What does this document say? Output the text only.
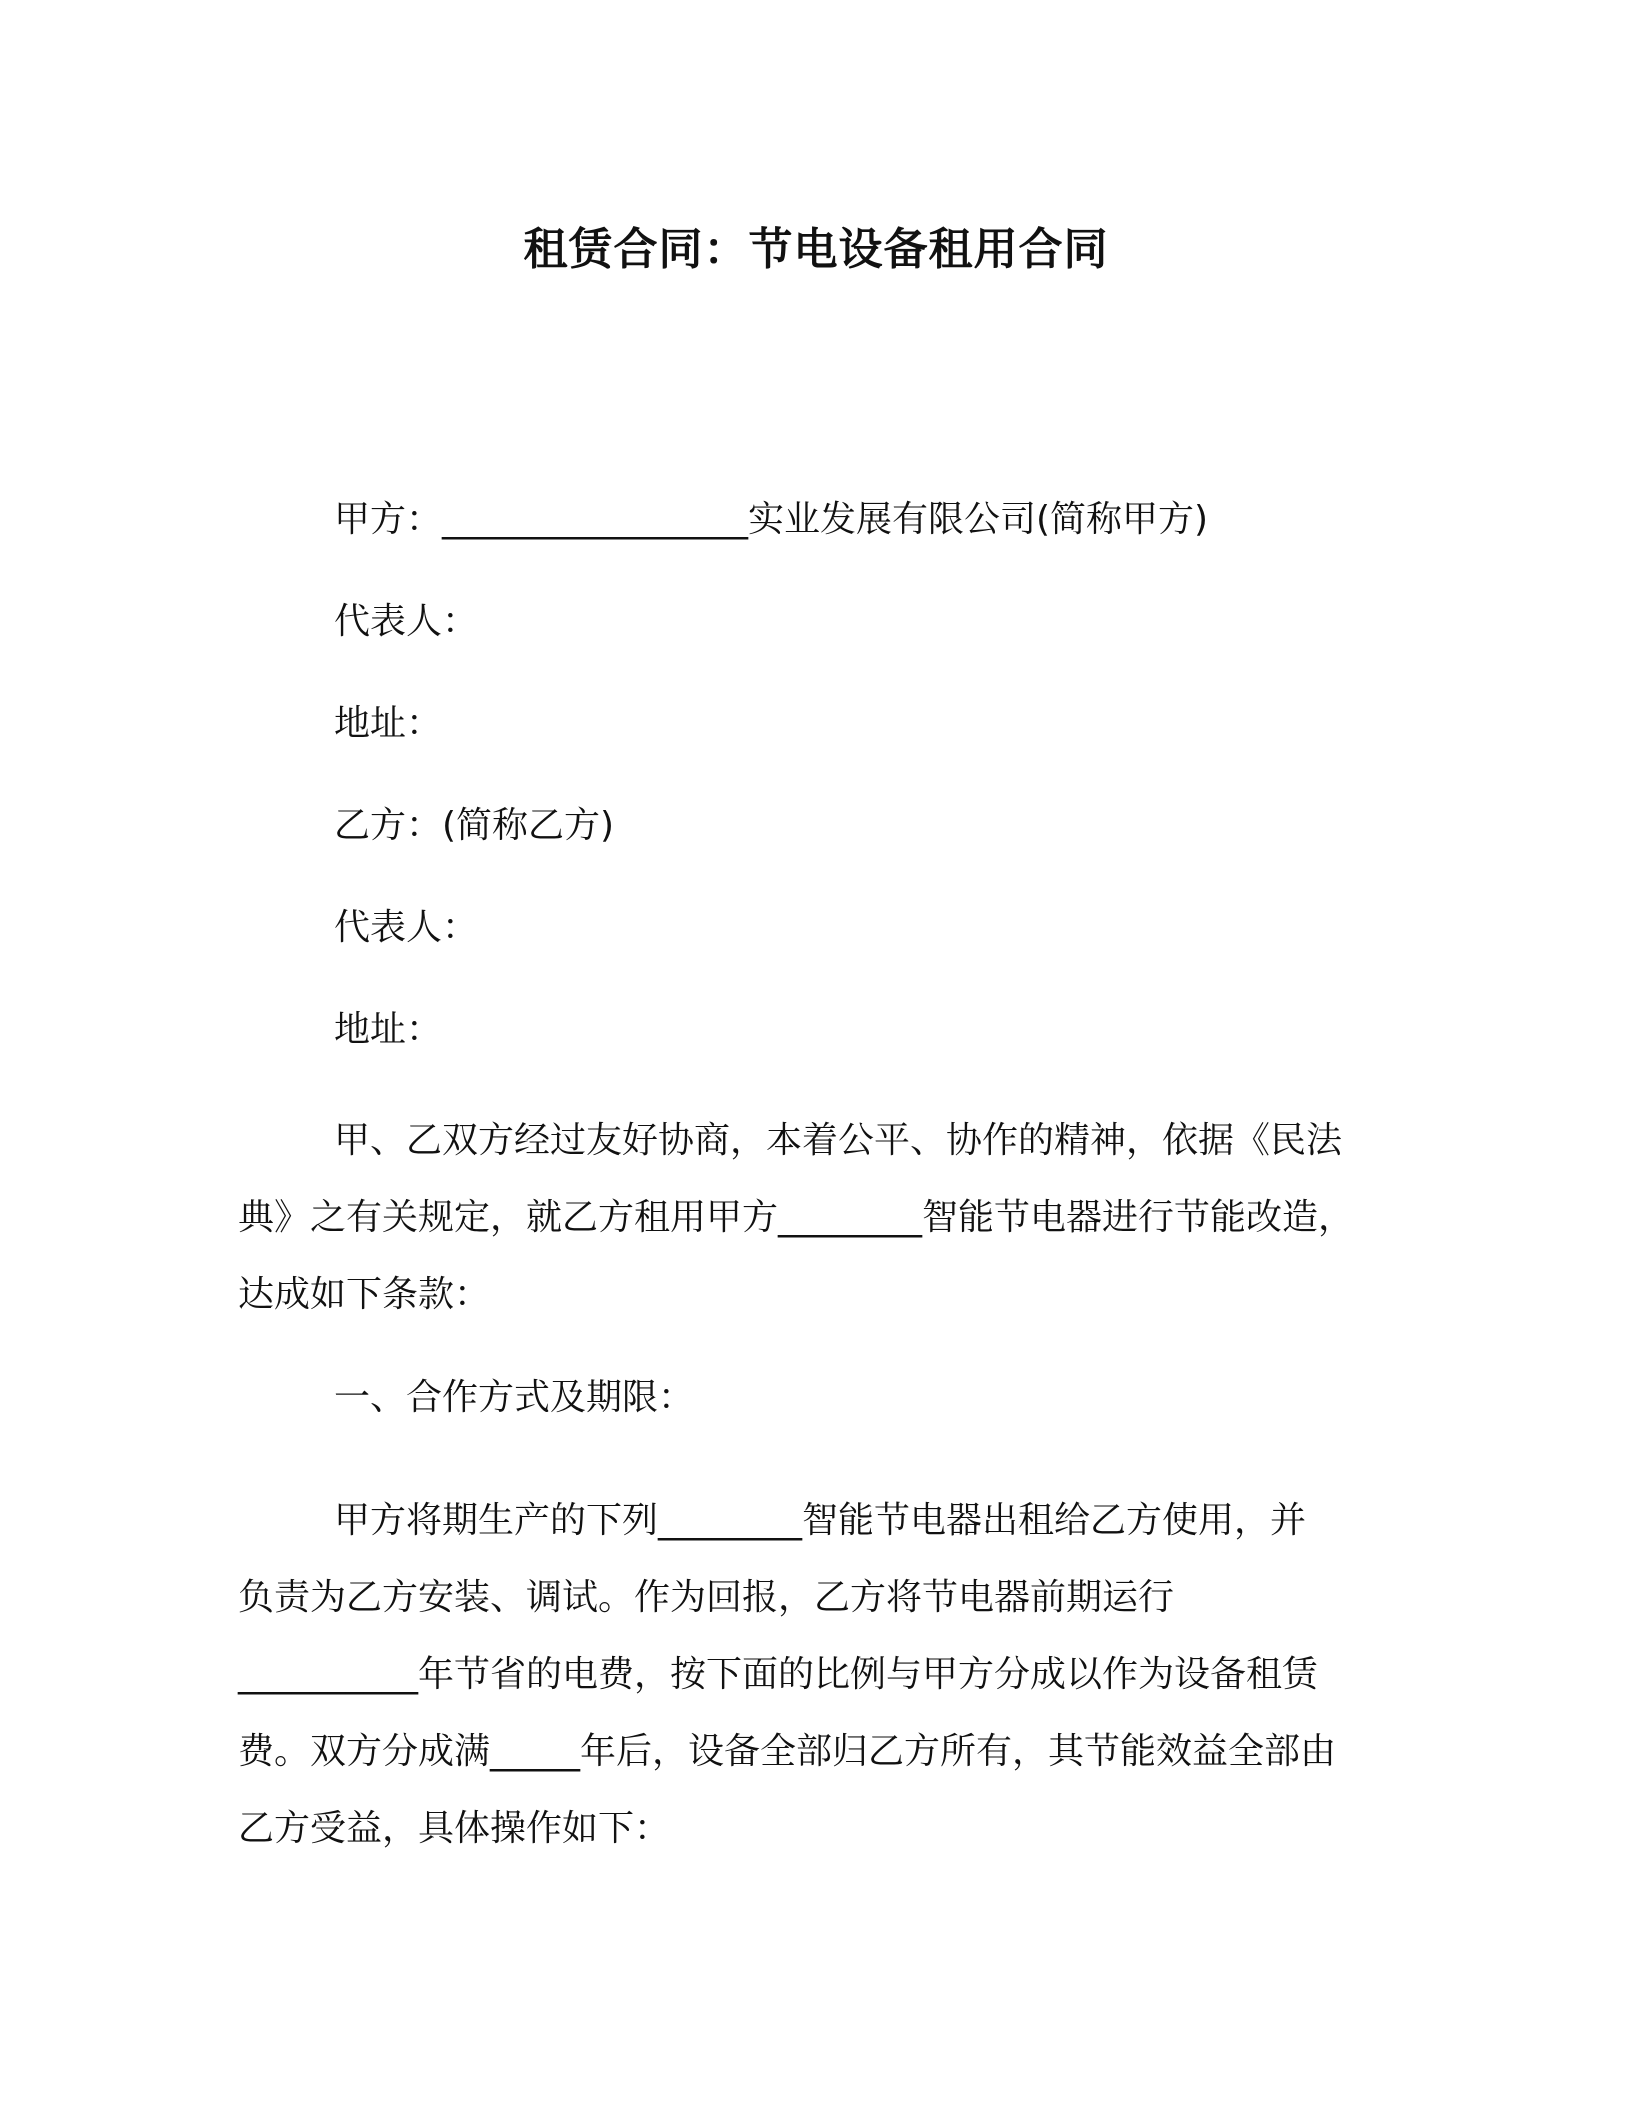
租赁合同：节电设备租用合同
甲方：_________________实业发展有限公司(简称甲方)
代表人：
地址：
乙方：(简称乙方)
代表人：
地址：
甲、乙双方经过友好协商，本着公平、协作的精神，依据《民法
典》之有关规定，就乙方租用甲方________智能节电器进行节能改造，
达成如下条款：
一、合作方式及期限：
甲方将期生产的下列________智能节电器出租给乙方使用，并
负责为乙方安装、调试。作为回报，乙方将节电器前期运行
__________年节省的电费，按下面的比例与甲方分成以作为设备租赁
费。双方分成满_____年后，设备全部归乙方所有，其节能效益全部由
乙方受益，具体操作如下：
